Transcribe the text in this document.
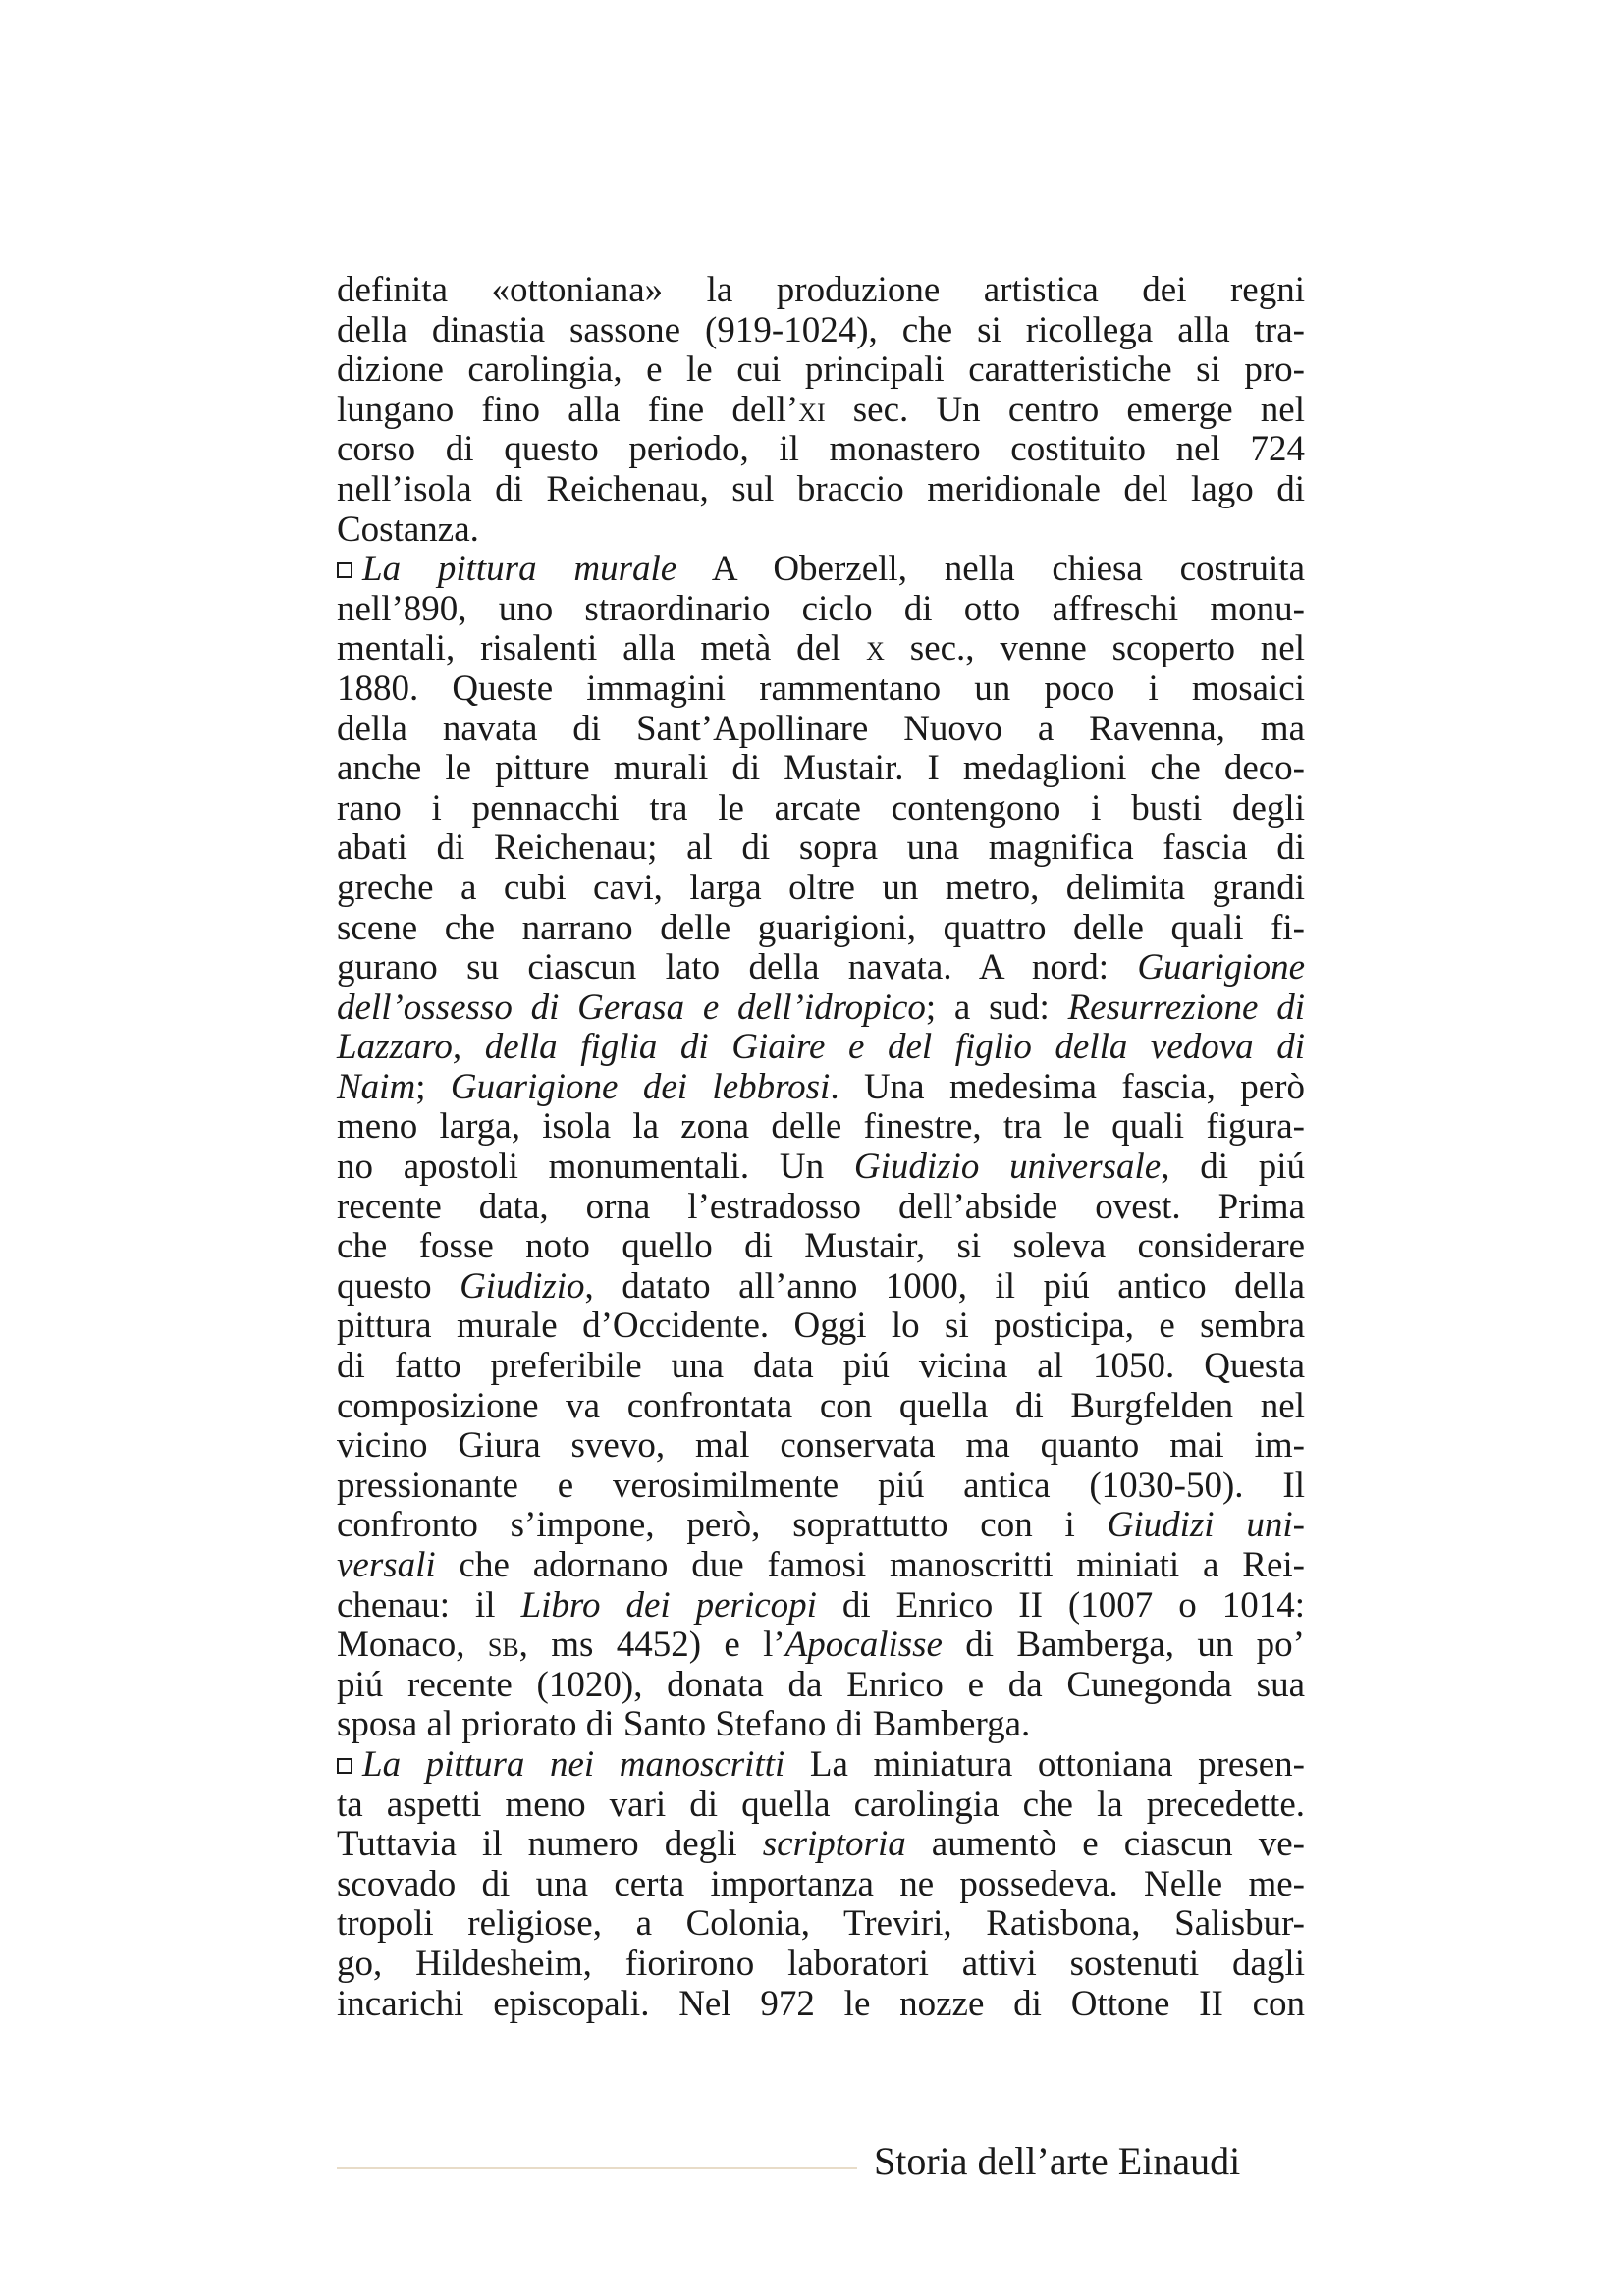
definita «ottoniana» la produzione artistica dei regni
della dinastia sassone (919-1024), che si ricollega alla tra-
dizione carolingia, e le cui principali caratteristiche si pro-
lungano fino alla fine dell’xi sec. Un centro emerge nel
corso di questo periodo, il monastero costituito nel 724
nell’isola di Reichenau, sul braccio meridionale del lago di
Costanza.
La pittura murale A Oberzell, nella chiesa costruita
nell’890, uno straordinario ciclo di otto affreschi monu-
mentali, risalenti alla metà del x sec., venne scoperto nel
1880. Queste immagini rammentano un poco i mosaici
della navata di Sant’Apollinare Nuovo a Ravenna, ma
anche le pitture murali di Mustair. I medaglioni che deco-
rano i pennacchi tra le arcate contengono i busti degli
abati di Reichenau; al di sopra una magnifica fascia di
greche a cubi cavi, larga oltre un metro, delimita grandi
scene che narrano delle guarigioni, quattro delle quali fi-
gurano su ciascun lato della navata. A nord: Guarigione
dell’ossesso di Gerasa e dell’idropico; a sud: Resurrezione di
Lazzaro, della figlia di Giaire e del figlio della vedova di
Naim; Guarigione dei lebbrosi. Una medesima fascia, però
meno larga, isola la zona delle finestre, tra le quali figura-
no apostoli monumentali. Un Giudizio universale, di piú
recente data, orna l’estradosso dell’abside ovest. Prima
che fosse noto quello di Mustair, si soleva considerare
questo Giudizio, datato all’anno 1000, il piú antico della
pittura murale d’Occidente. Oggi lo si posticipa, e sembra
di fatto preferibile una data piú vicina al 1050. Questa
composizione va confrontata con quella di Burgfelden nel
vicino Giura svevo, mal conservata ma quanto mai im-
pressionante e verosimilmente piú antica (1030-50). Il
confronto s’impone, però, soprattutto con i Giudizi uni-
versali che adornano due famosi manoscritti miniati a Rei-
chenau: il Libro dei pericopi di Enrico II (1007 o 1014:
Monaco, sb, ms 4452) e l’Apocalisse di Bamberga, un po’
piú recente (1020), donata da Enrico e da Cunegonda sua
sposa al priorato di Santo Stefano di Bamberga.
La pittura nei manoscritti La miniatura ottoniana presen-
ta aspetti meno vari di quella carolingia che la precedette.
Tuttavia il numero degli scriptoria aumentò e ciascun ve-
scovado di una certa importanza ne possedeva. Nelle me-
tropoli religiose, a Colonia, Treviri, Ratisbona, Salisbur-
go, Hildesheim, fiorirono laboratori attivi sostenuti dagli
incarichi episcopali. Nel 972 le nozze di Ottone II con
Storia dell’arte Einaudi
